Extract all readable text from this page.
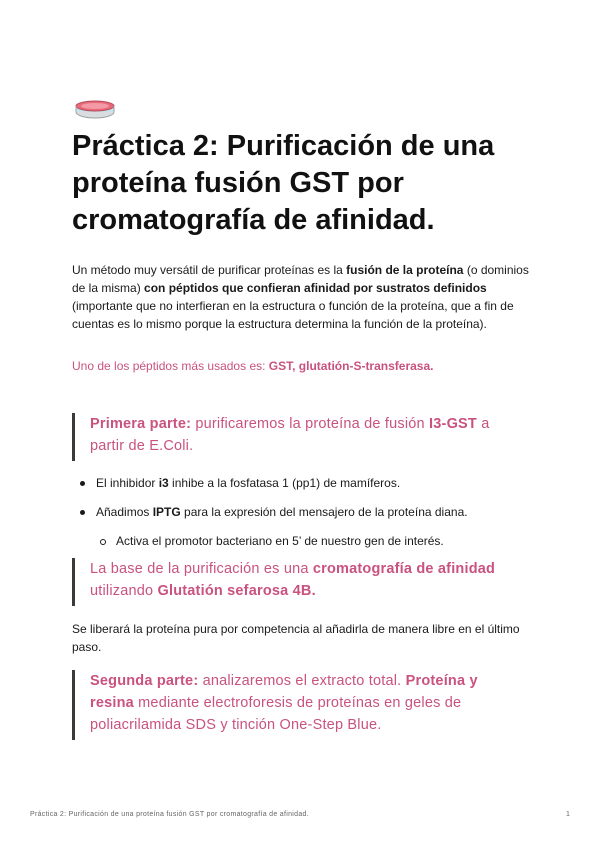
Práctica 2: Purificación de una proteína fusión GST por cromatografía de afinidad.

Un método muy versátil de purificar proteínas es la fusión de la proteína (o dominios de la misma) con péptidos que confieran afinidad por sustratos definidos (importante que no interfieran en la estructura o función de la proteína, que a fin de cuentas es lo mismo porque la estructura determina la función de la proteína).

Uno de los péptidos más usados es: GST, glutatión-S-transferasa.

Primera parte: purificaremos la proteína de fusión I3-GST a partir de E.Coli.
El inhibidor i3 inhibe a la fosfatasa 1 (pp1) de mamíferos.
Añadimos IPTG para la expresión del mensajero de la proteína diana.
Activa el promotor bacteriano en 5’ de nuestro gen de interés.
La base de la purificación es una cromatografía de afinidad utilizando Glutatión sefarosa 4B.

Se liberará la proteína pura por competencia al añadirla de manera libre en el último paso.

Segunda parte: analizaremos el extracto total. Proteína y resina mediante electroforesis de proteínas en geles de poliacrilamida SDS y tinción One-Step Blue.
Práctica 2: Purificación de una proteína fusión GST por cromatografía de afinidad.	1
